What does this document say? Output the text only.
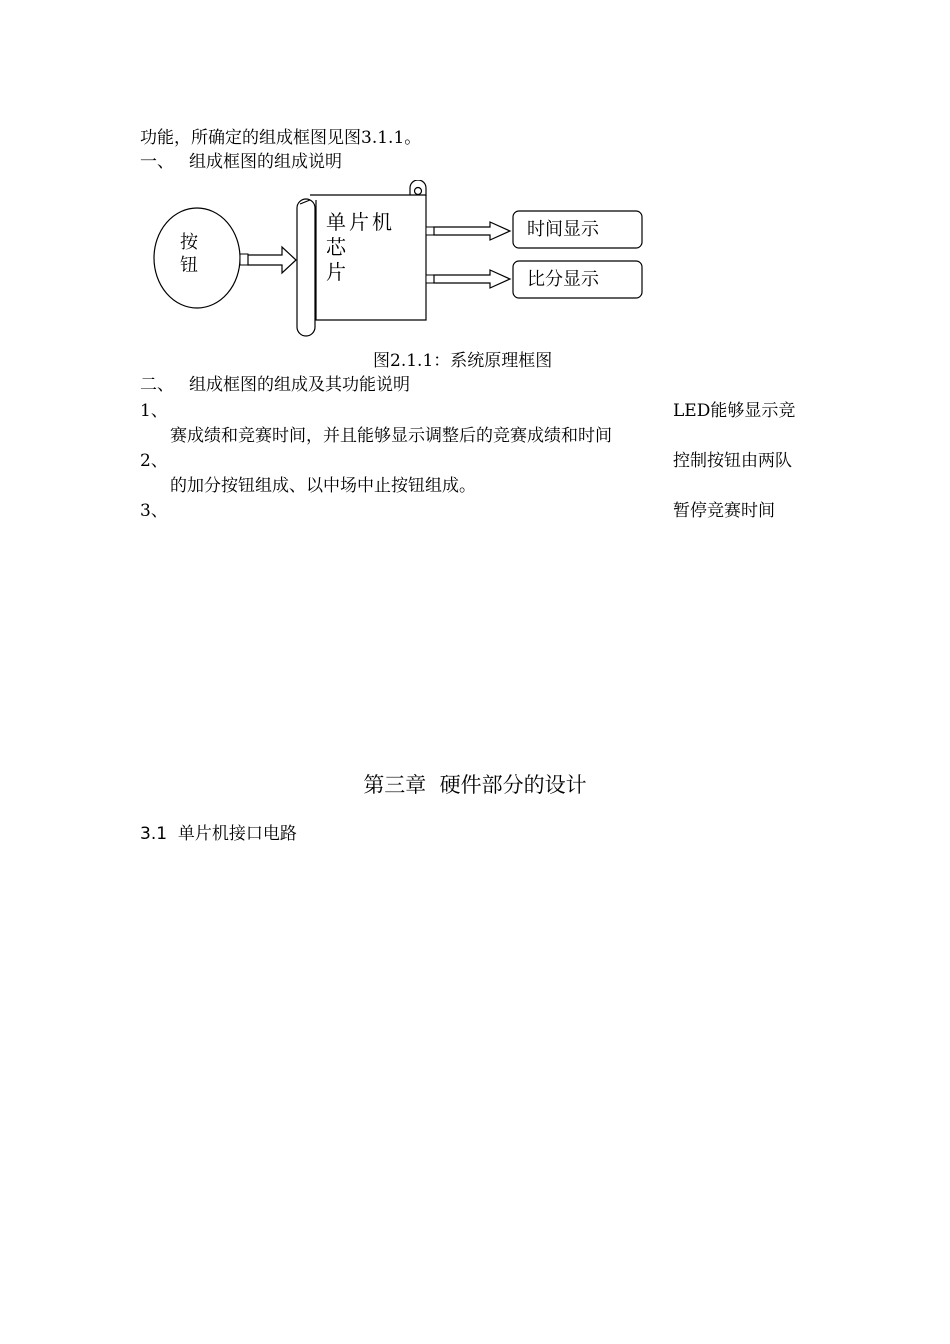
功能，所确定的组成框图见图3.1.1。
一、 组成框图的组成说明
按
钮
单片机
芯
片
时间显示
比分显示
图2.1.1：系统原理框图
二、 组成框图的组成及其功能说明
1、	LED能够显示竞
赛成绩和竞赛时间，并且能够显示调整后的竞赛成绩和时间
2、	控制按钮由两队
的加分按钮组成、以中场中止按钮组成。
3、	暂停竞赛时间
第三章  硬件部分的设计
3.1  单片机接口电路
